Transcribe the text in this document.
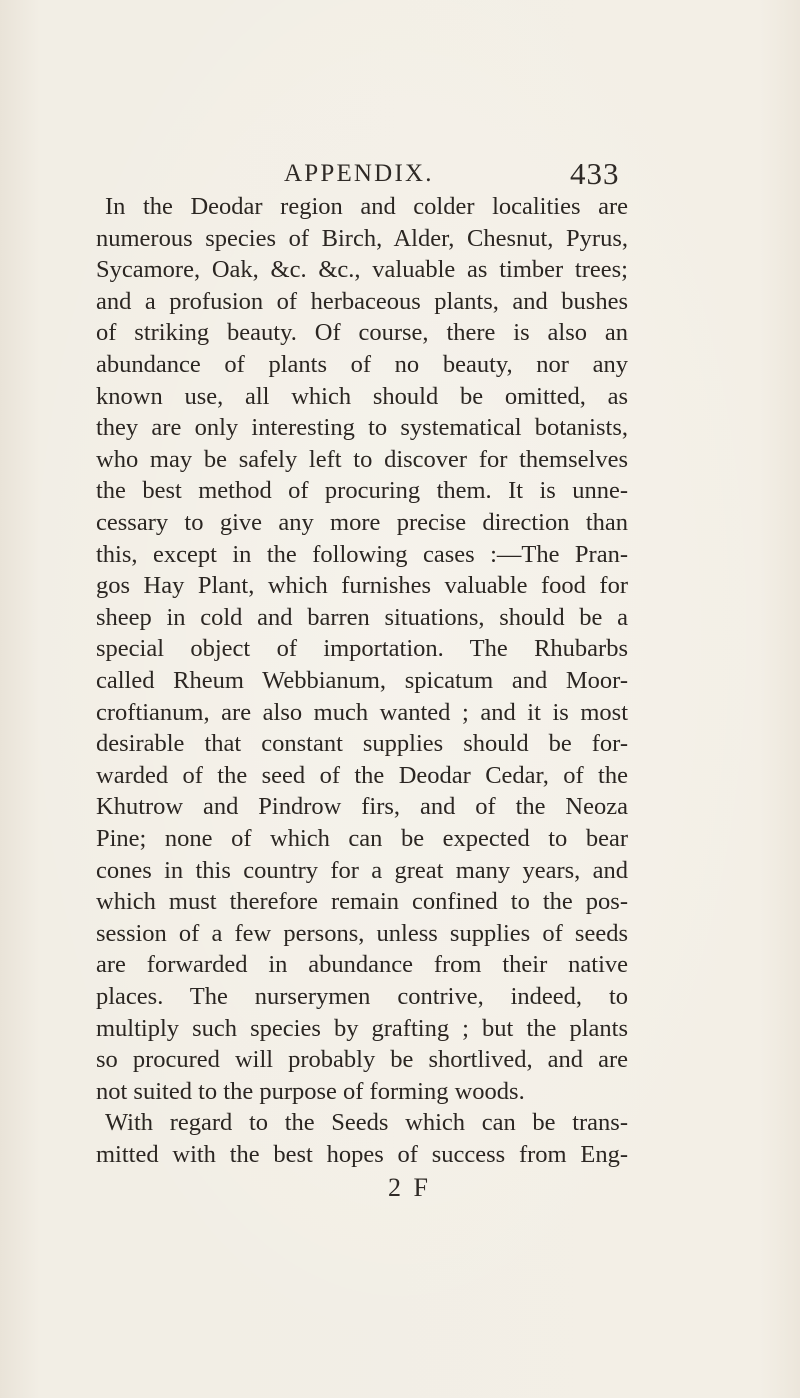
APPENDIX.	433
In the Deodar region and colder localities are
numerous species of Birch, Alder, Chesnut, Pyrus,
Sycamore, Oak, &c. &c., valuable as timber trees;
and a profusion of herbaceous plants, and bushes
of striking beauty. Of course, there is also an
abundance of plants of no beauty, nor any
known use, all which should be omitted, as
they are only interesting to systematical botanists,
who may be safely left to discover for themselves
the best method of procuring them. It is unne-
cessary to give any more precise direction than
this, except in the following cases :—The Pran-
gos Hay Plant, which furnishes valuable food for
sheep in cold and barren situations, should be a
special object of importation. The Rhubarbs
called Rheum Webbianum, spicatum and Moor-
croftianum, are also much wanted ; and it is most
desirable that constant supplies should be for-
warded of the seed of the Deodar Cedar, of the
Khutrow and Pindrow firs, and of the Neoza
Pine; none of which can be expected to bear
cones in this country for a great many years, and
which must therefore remain confined to the pos-
session of a few persons, unless supplies of seeds
are forwarded in abundance from their native
places. The nurserymen contrive, indeed, to
multiply such species by grafting ; but the plants
so procured will probably be shortlived, and are
not suited to the purpose of forming woods.
With regard to the Seeds which can be trans-
mitted with the best hopes of success from Eng-
2 F
